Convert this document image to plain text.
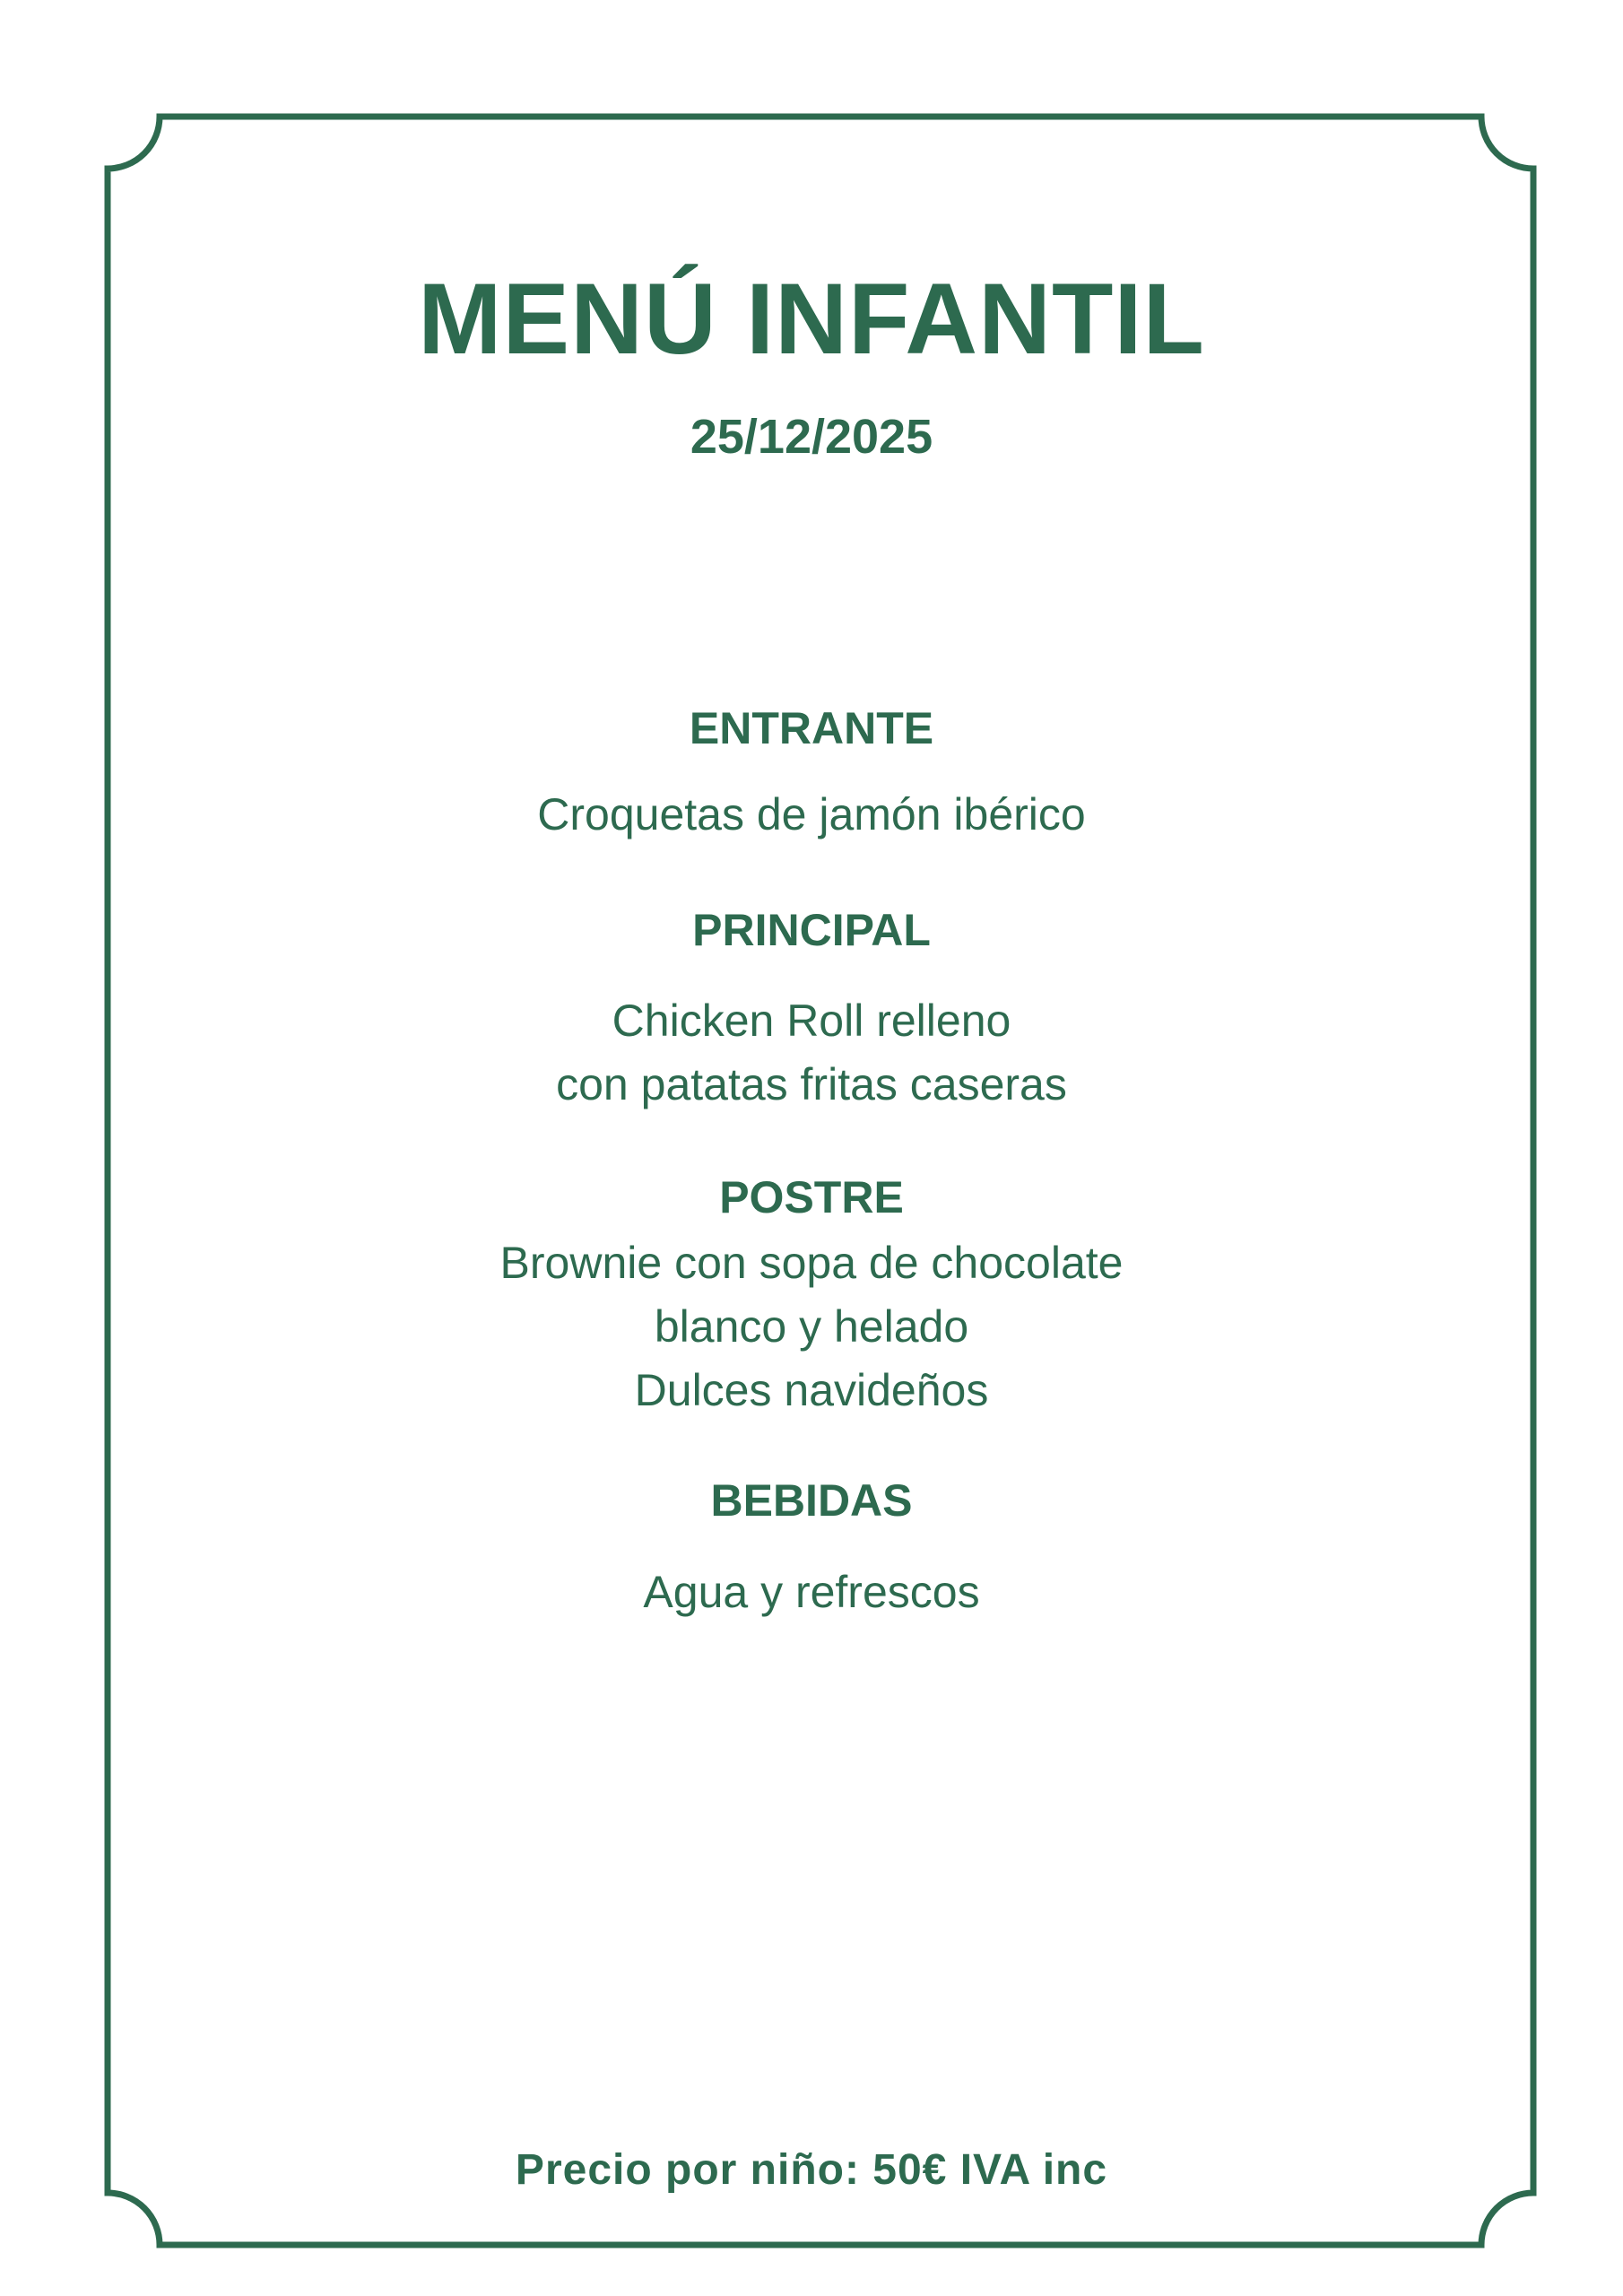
MENÚ INFANTIL
25/12/2025
ENTRANTE
Croquetas de jamón ibérico
PRINCIPAL
Chicken Roll relleno
con patatas fritas caseras
POSTRE
Brownie con sopa de chocolate
blanco y helado
Dulces navideños
BEBIDAS
Agua y refrescos
Precio por niño: 50€ IVA inc
